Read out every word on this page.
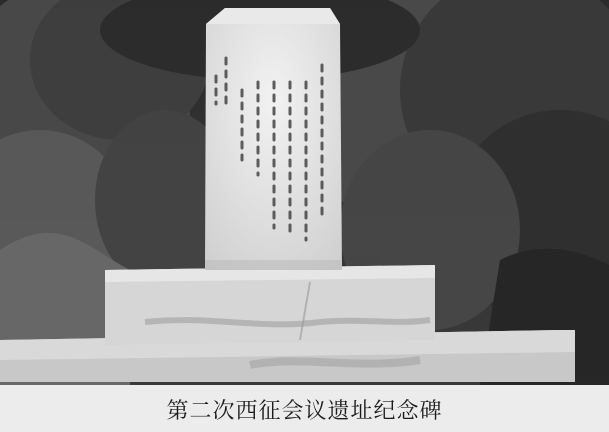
第二次西征会议遗址纪念碑
